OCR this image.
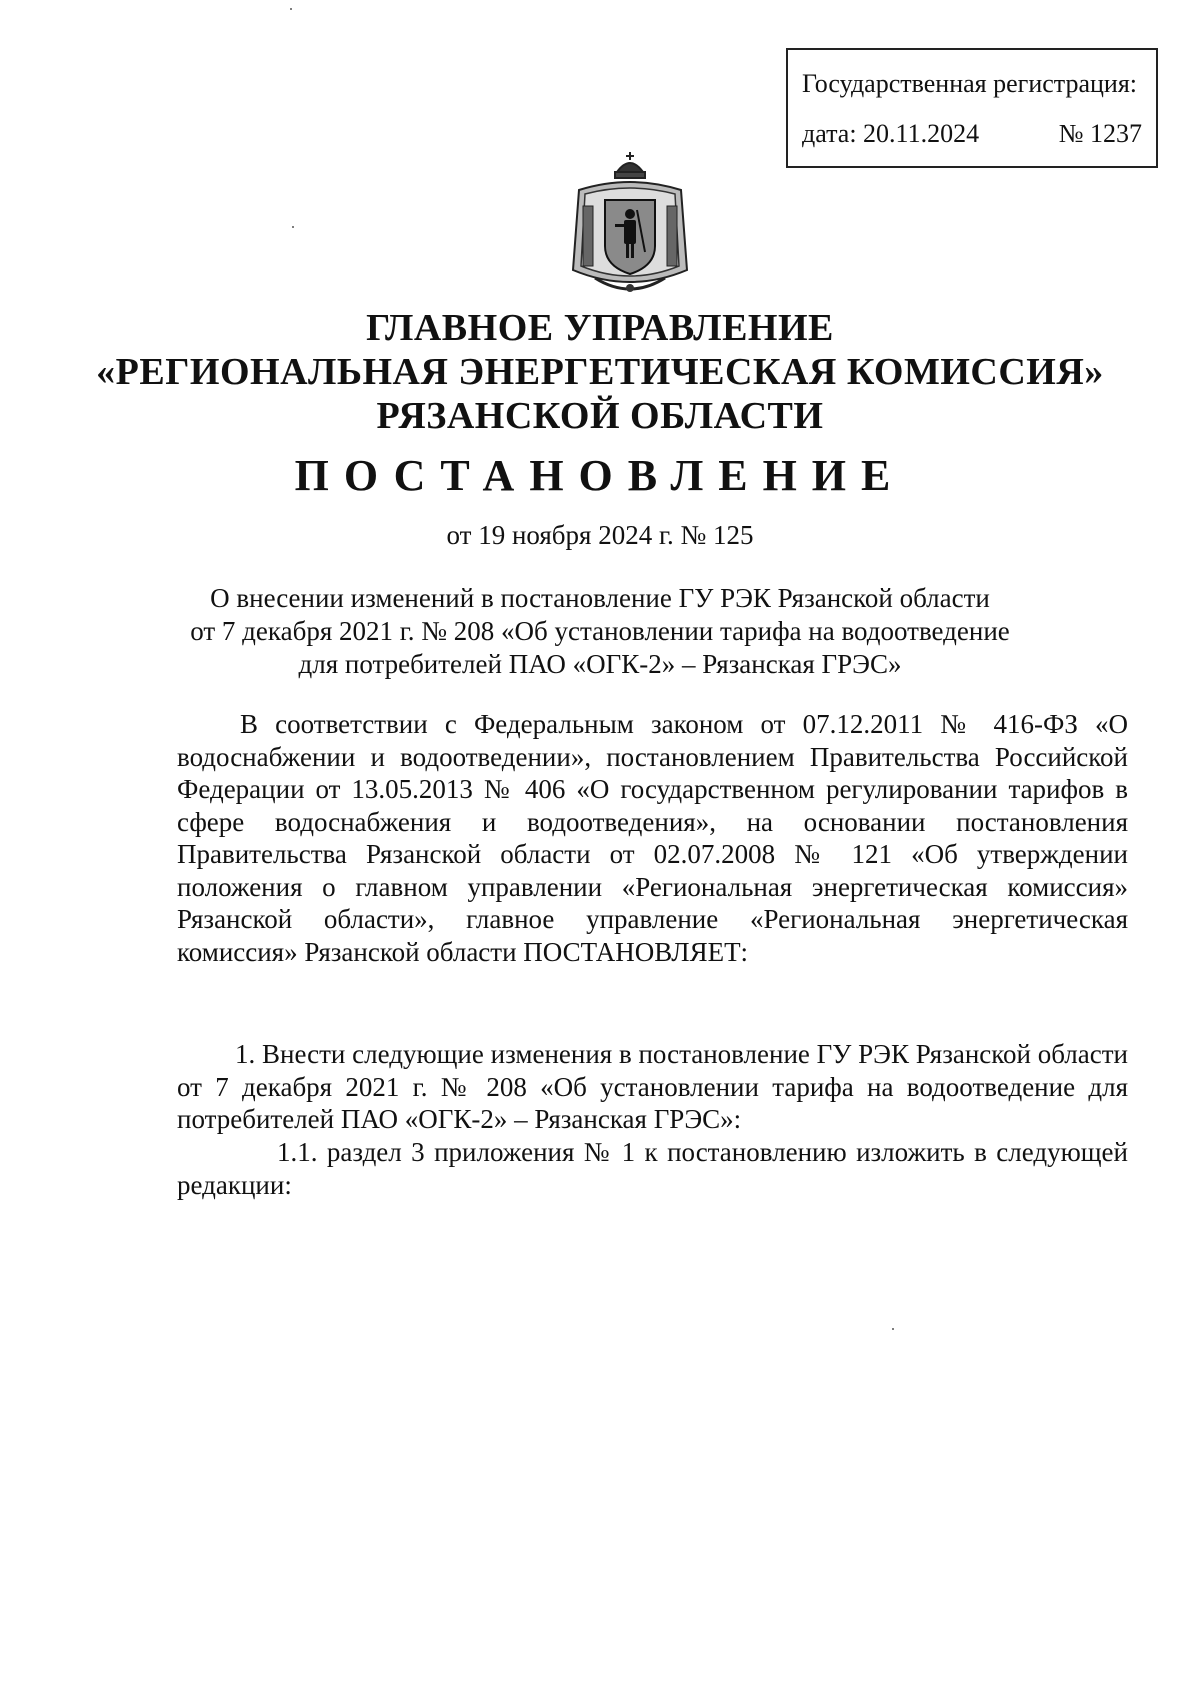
Государственная регистрация:
дата: 20.11.2024	№ 1237
ГЛАВНОЕ УПРАВЛЕНИЕ
«РЕГИОНАЛЬНАЯ ЭНЕРГЕТИЧЕСКАЯ КОМИССИЯ»
РЯЗАНСКОЙ ОБЛАСТИ
ПОСТАНОВЛЕНИЕ
от 19 ноября 2024 г. № 125
О внесении изменений в постановление ГУ РЭК Рязанской области
от 7 декабря 2021 г. № 208 «Об установлении тарифа на водоотведение
для потребителей ПАО «ОГК-2» – Рязанская ГРЭС»
В соответствии с Федеральным законом от 07.12.2011 № 416-ФЗ «О водоснабжении и водоотведении», постановлением Правительства Российской Федерации от 13.05.2013 № 406 «О государственном регулировании тарифов в сфере водоснабжения и водоотведения», на основании постановления Правительства Рязанской области от 02.07.2008 № 121 «Об утверждении положения о главном управлении «Региональная энергетическая комиссия» Рязанской области», главное управление «Региональная энергетическая комиссия» Рязанской области ПОСТАНОВЛЯЕТ:
1. Внести следующие изменения в постановление ГУ РЭК Рязанской области от 7 декабря 2021 г. № 208 «Об установлении тарифа на водоотведение для потребителей ПАО «ОГК-2» – Рязанская ГРЭС»:
1.1. раздел 3 приложения № 1 к постановлению изложить в следующей редакции:
